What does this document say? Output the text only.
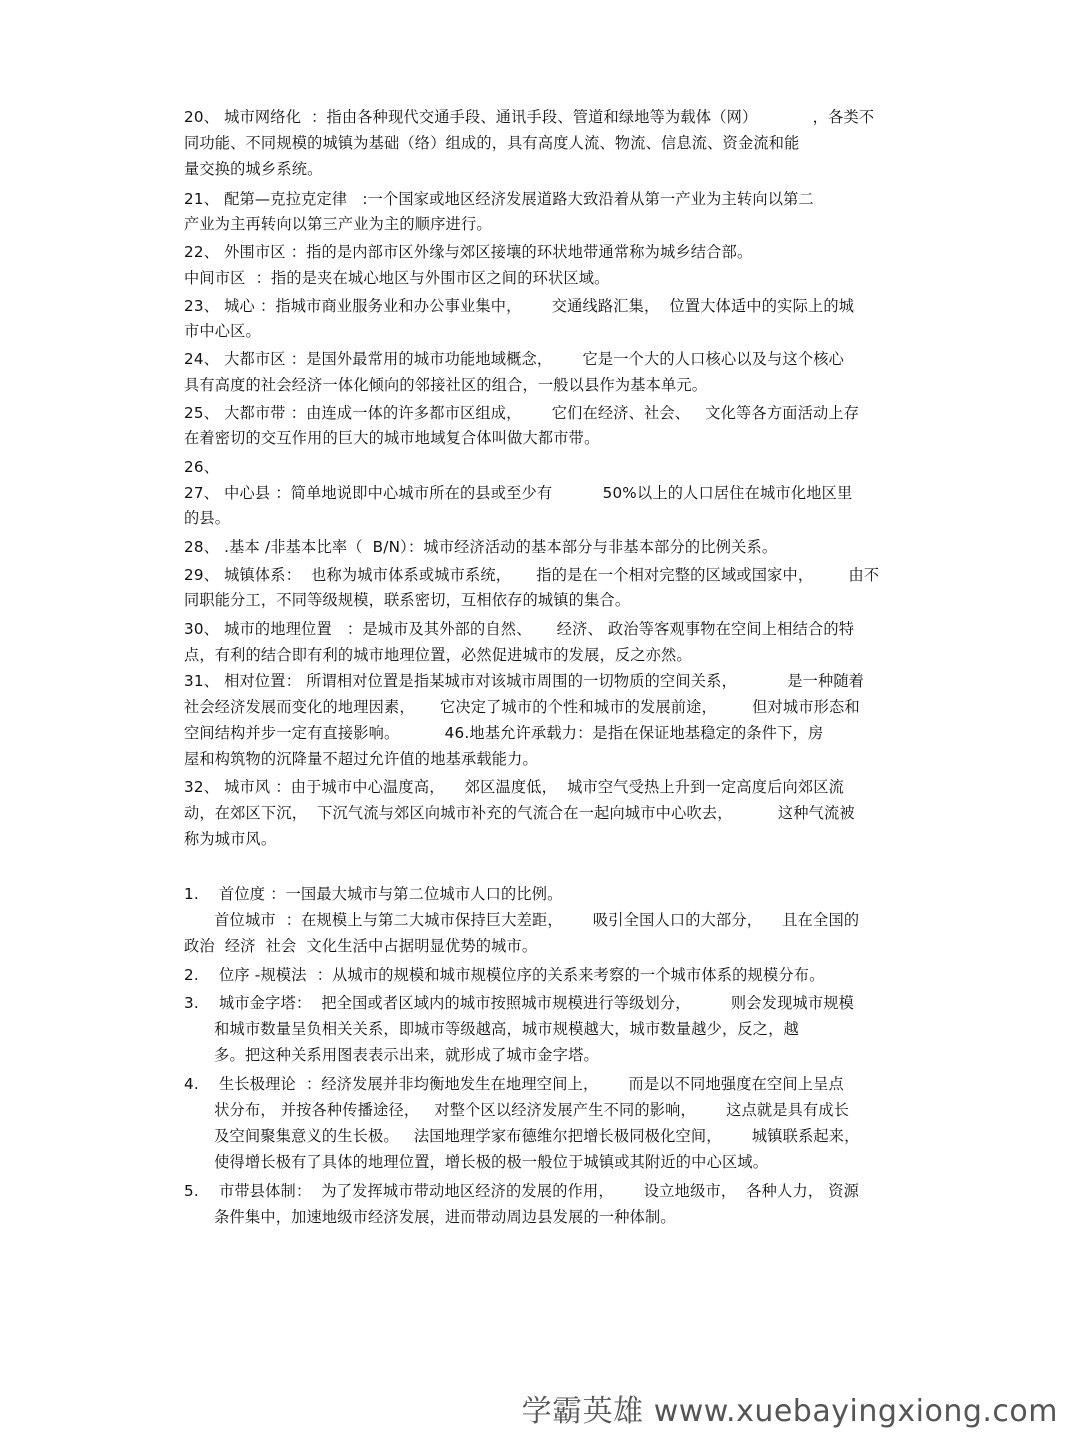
20、 城市网络化  ：指由各种现代交通手段、通讯手段、管道和绿地等为载体（网）           ，各类不
同功能、不同规模的城镇为基础（络）组成的，具有高度人流、物流、信息流、资金流和能
量交换的城乡系统。
21、 配第—克拉克定律   :一个国家或地区经济发展道路大致沿着从第一产业为主转向以第二
产业为主再转向以第三产业为主的顺序进行。
22、 外围市区 ：指的是内部市区外缘与郊区接壤的环状地带通常称为城乡结合部。
中间市区  ：指的是夹在城心地区与外围市区之间的环状区域。
23、 城心 ：指城市商业服务业和办公事业集中，      交通线路汇集，  位置大体适中的实际上的城
市中心区。
24、 大都市区 ：是国外最常用的城市功能地域概念，      它是一个大的人口核心以及与这个核心
具有高度的社会经济一体化倾向的邻接社区的组合，一般以县作为基本单元。
25、 大都市带 ：由连成一体的许多都市区组成，      它们在经济、社会、   文化等各方面活动上存
在着密切的交互作用的巨大的城市地域复合体叫做大都市带。
26、
27、 中心县 ：简单地说即中心城市所在的县或至少有          50%以上的人口居住在城市化地区里
的县。
28、 .基本 /非基本比率（  B/N）：城市经济活动的基本部分与非基本部分的比例关系。
29、 城镇体系：  也称为城市体系或城市系统，     指的是在一个相对完整的区域或国家中，       由不
同职能分工，不同等级规模，联系密切，互相依存的城镇的集合。
30、 城市的地理位置   ：是城市及其外部的自然、     经济、 政治等客观事物在空间上相结合的特
点，有利的结合即有利的城市地理位置，必然促进城市的发展，反之亦然。
31、 相对位置： 所谓相对位置是指某城市对该城市周围的一切物质的空间关系，          是一种随着
社会经济发展而变化的地理因素，     它决定了城市的个性和城市的发展前途，       但对城市形态和
空间结构并步一定有直接影响。         46.地基允许承载力：是指在保证地基稳定的条件下，房
屋和构筑物的沉降量不超过允许值的地基承载能力。
32、 城市风 ：由于城市中心温度高，    郊区温度低，  城市空气受热上升到一定高度后向郊区流
动，在郊区下沉，  下沉气流与郊区向城市补充的气流合在一起向城市中心吹去，         这种气流被
称为城市风。
1.    首位度 ：一国最大城市与第二位城市人口的比例。
首位城市  ：在规模上与第二大城市保持巨大差距，      吸引全国人口的大部分，    且在全国的
政治  经济  社会  文化生活中占据明显优势的城市。
2.    位序 -规模法  ：从城市的规模和城市规模位序的关系来考察的一个城市体系的规模分布。
3.    城市金字塔：  把全国或者区域内的城市按照城市规模进行等级划分，        则会发现城市规模
和城市数量呈负相关关系，即城市等级越高，城市规模越大，城市数量越少，反之，越
多。把这种关系用图表表示出来，就形成了城市金字塔。
4.    生长极理论  ：经济发展并非均衡地发生在地理空间上，      而是以不同地强度在空间上呈点
状分布， 并按各种传播途径，   对整个区以经济发展产生不同的影响，      这点就是具有成长
及空间聚集意义的生长极。   法国地理学家布德维尔把增长极同极化空间，      城镇联系起来，
使得增长极有了具体的地理位置，增长极的极一般位于城镇或其附近的中心区域。
5.    市带县体制：  为了发挥城市带动地区经济的发展的作用，      设立地级市，  各种人力， 资源
条件集中，加速地级市经济发展，进而带动周边县发展的一种体制。
学霸英雄 www.xuebayingxiong.com
